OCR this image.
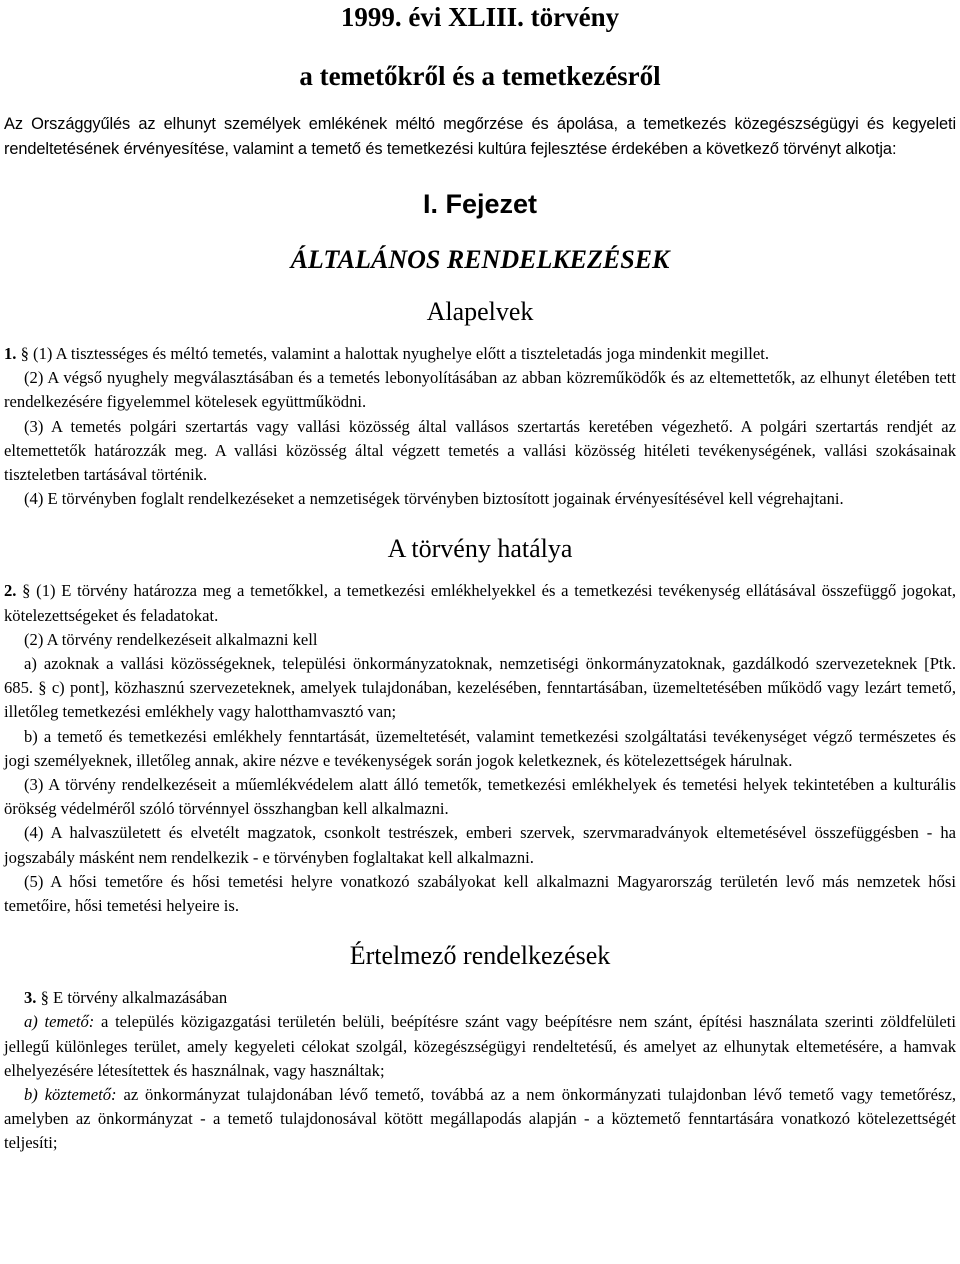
1999. évi XLIII. törvény
a temetőkről és a temetkezésről

Az Országgyűlés az elhunyt személyek emlékének méltó megőrzése és ápolása, a temetkezés közegészségügyi és kegyeleti rendeltetésének érvényesítése, valamint a temető és temetkezési kultúra fejlesztése érdekében a következő törvényt alkotja:

I. Fejezet
ÁLTALÁNOS RENDELKEZÉSEK
Alapelvek

1. § (1) A tisztességes és méltó temetés, valamint a halottak nyughelye előtt a tiszteletadás joga mindenkit megillet.

(2) A végső nyughely megválasztásában és a temetés lebonyolításában az abban közreműködők és az eltemettetők, az elhunyt életében tett rendelkezésére figyelemmel kötelesek együttműködni.

(3) A temetés polgári szertartás vagy vallási közösség által vallásos szertartás keretében végezhető. A polgári szertartás rendjét az eltemettetők határozzák meg. A vallási közösség által végzett temetés a vallási közösség hitéleti tevékenységének, vallási szokásainak tiszteletben tartásával történik.

(4) E törvényben foglalt rendelkezéseket a nemzetiségek törvényben biztosított jogainak érvényesítésével kell végrehajtani.

A törvény hatálya

2. § (1) E törvény határozza meg a temetőkkel, a temetkezési emlékhelyekkel és a temetkezési tevékenység ellátásával összefüggő jogokat, kötelezettségeket és feladatokat.

(2) A törvény rendelkezéseit alkalmazni kell

a) azoknak a vallási közösségeknek, települési önkormányzatoknak, nemzetiségi önkormányzatoknak, gazdálkodó szervezeteknek [Ptk. 685. § c) pont], közhasznú szervezeteknek, amelyek tulajdonában, kezelésében, fenntartásában, üzemeltetésében működő vagy lezárt temető, illetőleg temetkezési emlékhely vagy halotthamvasztó van;

b) a temető és temetkezési emlékhely fenntartását, üzemeltetését, valamint temetkezési szolgáltatási tevékenységet végző természetes és jogi személyeknek, illetőleg annak, akire nézve e tevékenységek során jogok keletkeznek, és kötelezettségek hárulnak.

(3) A törvény rendelkezéseit a műemlékvédelem alatt álló temetők, temetkezési emlékhelyek és temetési helyek tekintetében a kulturális örökség védelméről szóló törvénnyel összhangban kell alkalmazni.

(4) A halvaszületett és elvetélt magzatok, csonkolt testrészek, emberi szervek, szervmaradványok eltemetésével összefüggésben - ha jogszabály másként nem rendelkezik - e törvényben foglaltakat kell alkalmazni.

(5) A hősi temetőre és hősi temetési helyre vonatkozó szabályokat kell alkalmazni Magyarország területén levő más nemzetek hősi temetőire, hősi temetési helyeire is.

Értelmező rendelkezések

3. § E törvény alkalmazásában

a) temető: a település közigazgatási területén belüli, beépítésre szánt vagy beépítésre nem szánt, építési használata szerinti zöldfelületi jellegű különleges terület, amely kegyeleti célokat szolgál, közegészségügyi rendeltetésű, és amelyet az elhunytak eltemetésére, a hamvak elhelyezésére létesítettek és használnak, vagy használtak;

b) köztemető: az önkormányzat tulajdonában lévő temető, továbbá az a nem önkormányzati tulajdonban lévő temető vagy temetőrész, amelyben az önkormányzat - a temető tulajdonosával kötött megállapodás alapján - a köztemető fenntartására vonatkozó kötelezettségét teljesíti;
